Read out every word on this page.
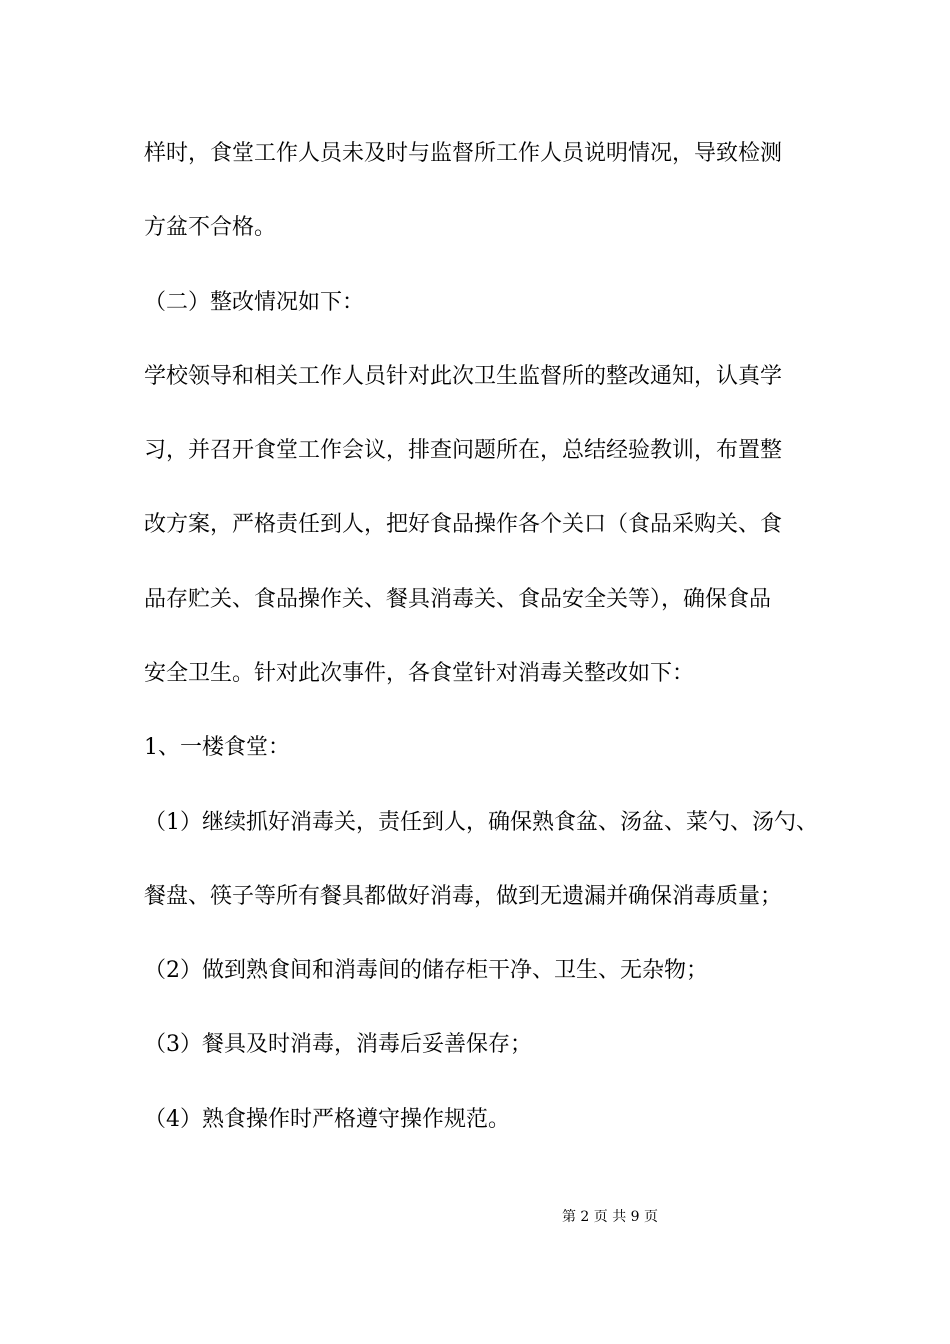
样时，食堂工作人员未及时与监督所工作人员说明情况，导致检测
方盆不合格。
（二）整改情况如下：
学校领导和相关工作人员针对此次卫生监督所的整改通知，认真学
习，并召开食堂工作会议，排查问题所在，总结经验教训，布置整
改方案，严格责任到人，把好食品操作各个关口（食品采购关、食
品存贮关、食品操作关、餐具消毒关、食品安全关等），确保食品
安全卫生。针对此次事件，各食堂针对消毒关整改如下：
1、一楼食堂：
（1）继续抓好消毒关，责任到人，确保熟食盆、汤盆、菜勺、汤勺、
餐盘、筷子等所有餐具都做好消毒，做到无遗漏并确保消毒质量；
（2）做到熟食间和消毒间的储存柜干净、卫生、无杂物；
（3）餐具及时消毒，消毒后妥善保存；
（4）熟食操作时严格遵守操作规范。
第 2 页 共 9 页
